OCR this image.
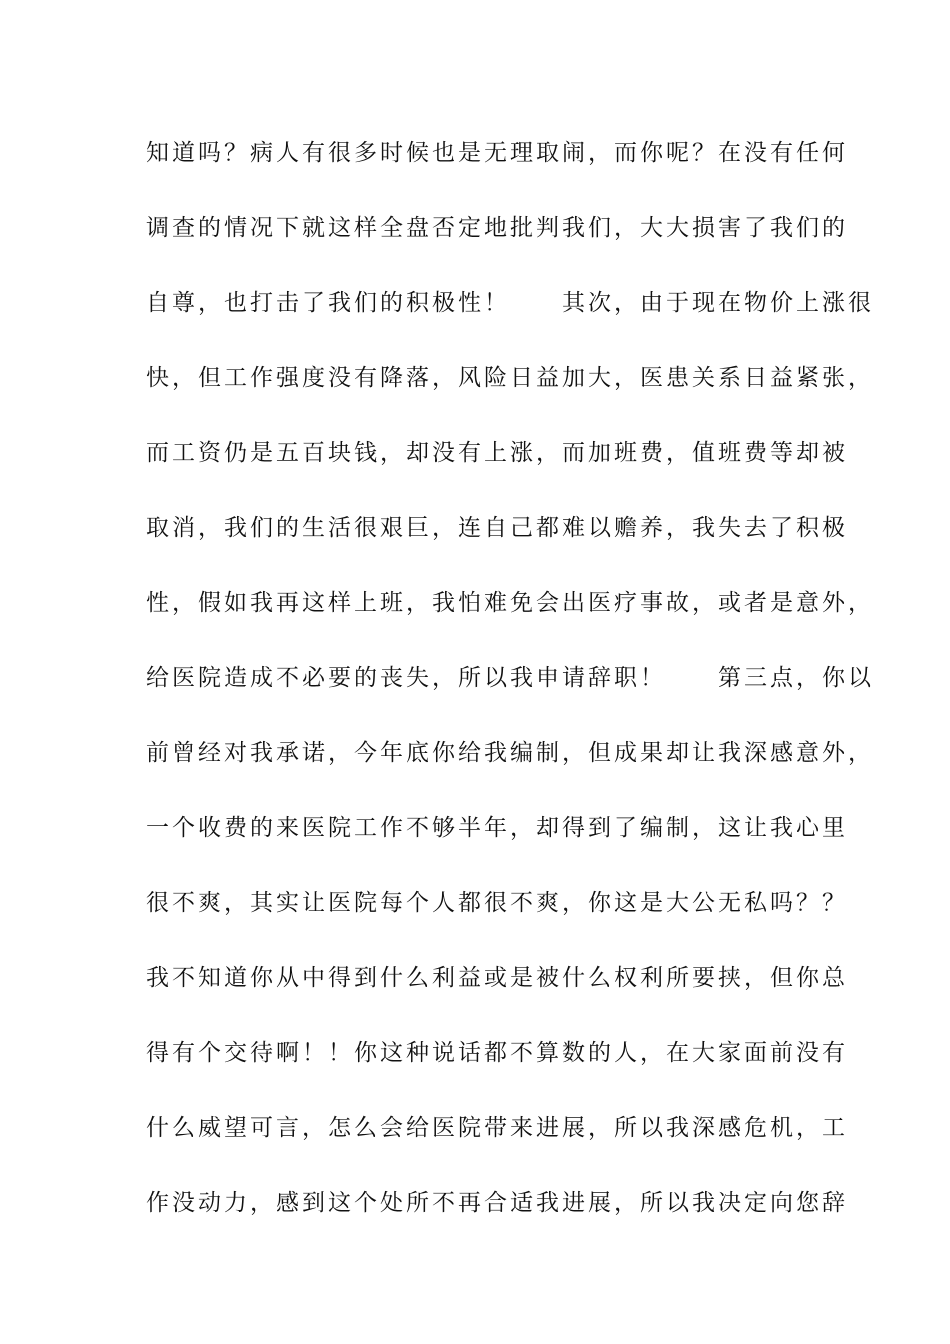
知道吗？病人有很多时候也是无理取闹，而你呢？在没有任何
调查的情况下就这样全盘否定地批判我们，大大损害了我们的
自尊，也打击了我们的积极性！　　其次，由于现在物价上涨很
快，但工作强度没有降落，风险日益加大，医患关系日益紧张，
而工资仍是五百块钱，却没有上涨，而加班费，值班费等却被
取消，我们的生活很艰巨，连自己都难以赡养，我失去了积极
性，假如我再这样上班，我怕难免会出医疗事故，或者是意外，
给医院造成不必要的丧失，所以我申请辞职！　　第三点，你以
前曾经对我承诺，今年底你给我编制，但成果却让我深感意外，
一个收费的来医院工作不够半年，却得到了编制，这让我心里
很不爽，其实让医院每个人都很不爽，你这是大公无私吗？？
我不知道你从中得到什么利益或是被什么权利所要挟，但你总
得有个交待啊！！你这种说话都不算数的人，在大家面前没有
什么威望可言，怎么会给医院带来进展，所以我深感危机，工
作没动力，感到这个处所不再合适我进展，所以我决定向您辞
